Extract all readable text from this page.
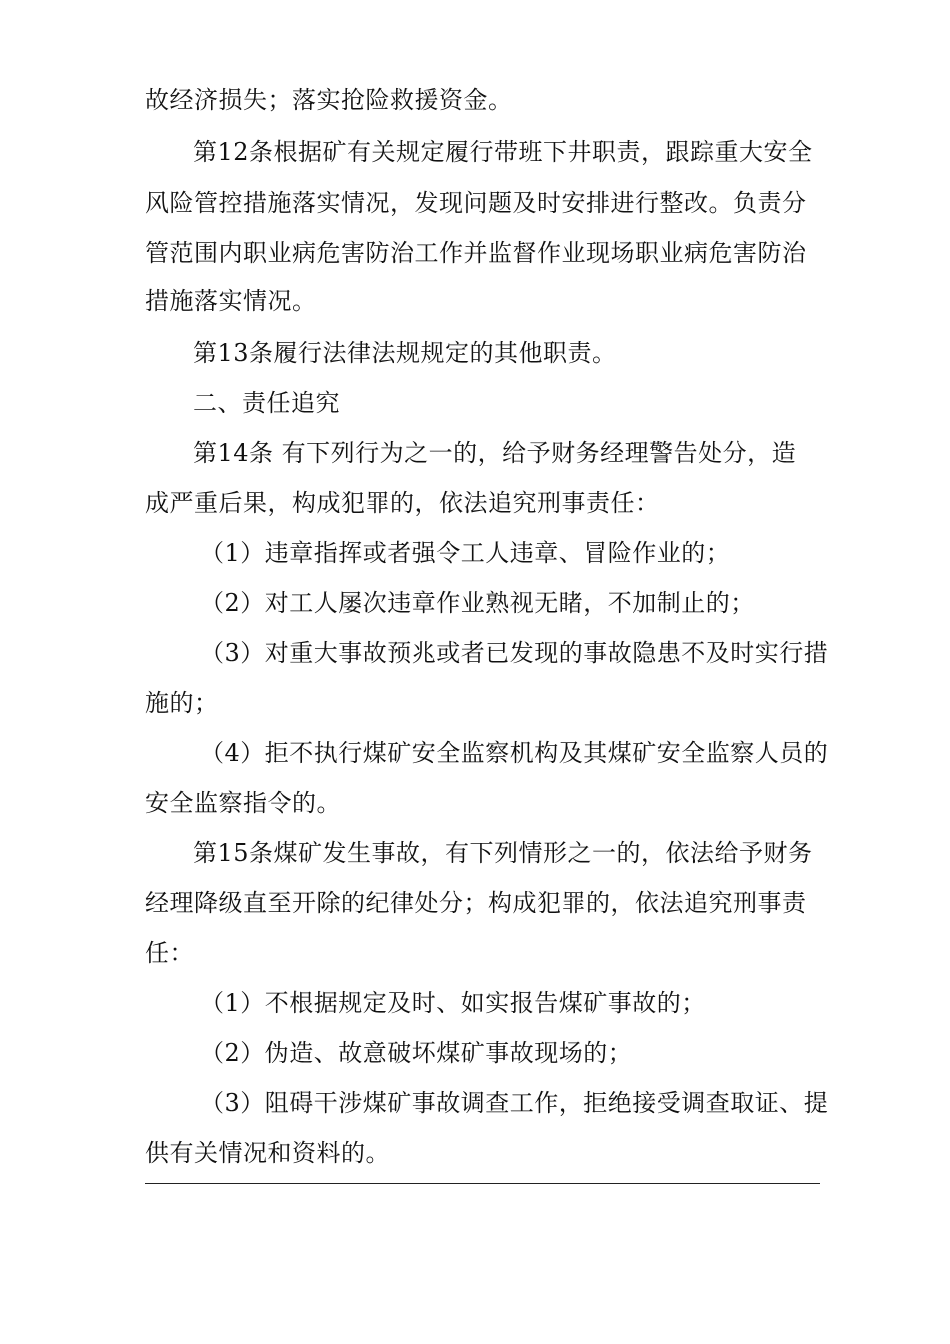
故经济损失；落实抢险救援资金。
第12条根据矿有关规定履行带班下井职责，跟踪重大安全
风险管控措施落实情况，发现问题及时安排进行整改。负责分
管范围内职业病危害防治工作并监督作业现场职业病危害防治
措施落实情况。
第13条履行法律法规规定的其他职责。
二、责任追究
第14条 有下列行为之一的，给予财务经理警告处分，造
成严重后果，构成犯罪的，依法追究刑事责任：
（1）违章指挥或者强令工人违章、冒险作业的；
（2）对工人屡次违章作业熟视无睹，不加制止的；
（3）对重大事故预兆或者已发现的事故隐患不及时实行措
施的；
（4）拒不执行煤矿安全监察机构及其煤矿安全监察人员的
安全监察指令的。
第15条煤矿发生事故，有下列情形之一的，依法给予财务
经理降级直至开除的纪律处分；构成犯罪的，依法追究刑事责
任：
（1）不根据规定及时、如实报告煤矿事故的；
（2）伪造、故意破坏煤矿事故现场的；
（3）阻碍干涉煤矿事故调查工作，拒绝接受调查取证、提
供有关情况和资料的。
